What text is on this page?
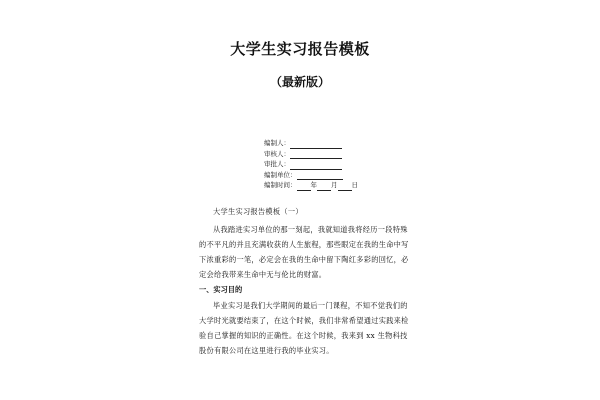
大学生实习报告模板
（最新版）
编制人：
审核人：
审批人：
编制单位：
编制时间： 年 月 日

大学生实习报告模板（一）

从我踏进实习单位的那一刻起，我就知道我将经历一段特殊的不平凡的并且充满收获的人生旅程，那些眼定在我的生命中写下浓重彩的一笔，必定会在我的生命中留下陶红多彩的回忆，必定会给我带来生命中无与伦比的财富。

一、实习目的

毕业实习是我们大学期间的最后一门课程，不知不觉我们的大学时光就要结束了，在这个时候，我们非常希望通过实践来检验自己掌握的知识的正确性。在这个时候，我来到 xx 生物科技股份有限公司在这里进行我的毕业实习。
